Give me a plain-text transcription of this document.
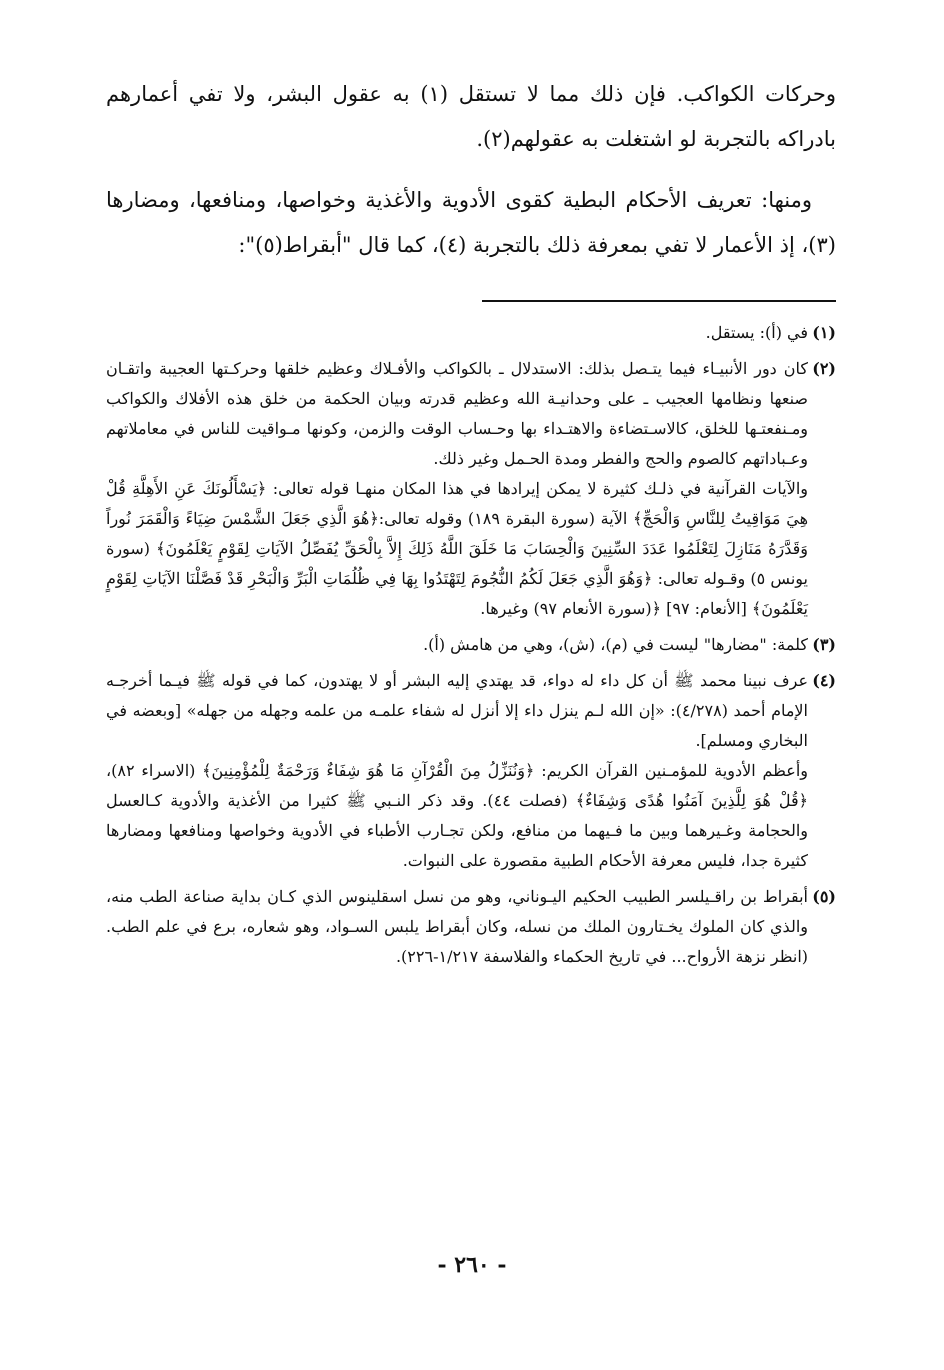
وحركات الكواكب. فإن ذلك مما لا تستقل (١) به عقول البشر، ولا تفي أعمارهم بادراكه بالتجربة لو اشتغلت به عقولهم(٢).

ومنها: تعريف الأحكام البطية كقوى الأدوية والأغذية وخواصها، ومنافعها، ومضارها (٣)، إذ الأعمار لا تفي بمعرفة ذلك بالتجربة (٤)، كما قال "أبقراط(٥)":

(١)

في (أ): يستقل.

(٢)

كان دور الأنبيـاء فيما يتـصل بذلك: الاستدلال ـ بالكواكب والأفـلاك وعظيم خلقها وحركـتها العجيبة واتقـان صنعها ونظامها العجيب ـ على وحدانيـة الله وعظيم قدرته وبيان الحكمة من خلق هذه الأفلاك والكواكب ومـنفعتـها للخلق، كالاسـتضاءة والاهتـداء بها وحـساب الوقت والزمن، وكونها مـواقيت للناس في معاملاتهم وعـباداتهم كالصوم والحج والفطر ومدة الحـمل وغير ذلك.

والآيات القرآنية في ذلـك كثيرة لا يمكن إيرادها في هذا المكان منهـا قوله تعالى: ﴿يَسْأَلُونَكَ عَنِ الأَهِلَّةِ قُلْ هِيَ مَوَاقِيتُ لِلنَّاسِ وَالْحَجِّ﴾ الآية (سورة البقرة ١٨٩) وقوله تعالى:﴿هُوَ الَّذِي جَعَلَ الشَّمْسَ ضِيَاءً وَالْقَمَرَ نُوراً وَقَدَّرَهُ مَنَازِلَ لِتَعْلَمُوا عَدَدَ السِّنِينَ وَالْحِسَابَ مَا خَلَقَ اللَّهُ ذَلِكَ إِلاَّ بِالْحَقِّ يُفَصِّلُ الآيَاتِ لِقَوْمٍ يَعْلَمُونَ﴾ (سورة يونس ٥) وقـوله تعالى: ﴿وَهُوَ الَّذِي جَعَلَ لَكُمُ النُّجُومَ لِتَهْتَدُوا بِهَا فِي ظُلُمَاتِ الْبَرِّ وَالْبَحْرِ قَدْ فَصَّلْنَا الآيَاتِ لِقَوْمٍ يَعْلَمُونَ﴾ [الأنعام: ٩٧] ﴿(سورة الأنعام ٩٧) وغيرها.

(٣)

كلمة: "مضارها" ليست في (م)، (ش)، وهي من هامش (أ).

(٤)

عرف نبينا محمد ﷺ أن كل داء له دواء، قد يهتدي إليه البشر أو لا يهتدون، كما في قوله ﷺ فيـما أخرجـه الإمام أحمد (٤/٢٧٨): «إن الله لـم ينزل داء إلا أنزل له شفاء علمـه من علمه وجهله من جهله» [وبعضه في البخاري ومسلم].

وأعظم الأدوية للمؤمـنين القرآن الكريم: ﴿وَنُنَزِّلُ مِنَ الْقُرْآنِ مَا هُوَ شِفَاءٌ وَرَحْمَةٌ لِلْمُؤْمِنِينَ﴾ (الاسراء ٨٢)، ﴿قُلْ هُوَ لِلَّذِينَ آمَنُوا هُدًى وَشِفَاءٌ﴾ (فصلت ٤٤). وقد ذكر النـبي ﷺ كثيرا من الأغذية والأدوية كـالعسل والحجامة وغـيرهما وبين ما فـيهما من منافع، ولكن تجـارب الأطباء في الأدوية وخواصها ومنافعها ومضارها كثيرة جدا، فليس معرفة الأحكام الطبية مقصورة على النبوات.

(٥)

أبقراط بن راقـيلسر الطبيب الحكيم اليـوناني، وهو من نسل اسقلينوس الذي كـان بداية صناعة الطب منه، والذي كان الملوك يخـتارون الملك من نسله، وكان أبقراط يلبس السـواد، وهو شعاره، برع في علم الطب. (انظر نزهة الأرواح... في تاريخ الحكماء والفلاسفة ١/٢١٧-٢٢٦).

- ٢٦٠ -
